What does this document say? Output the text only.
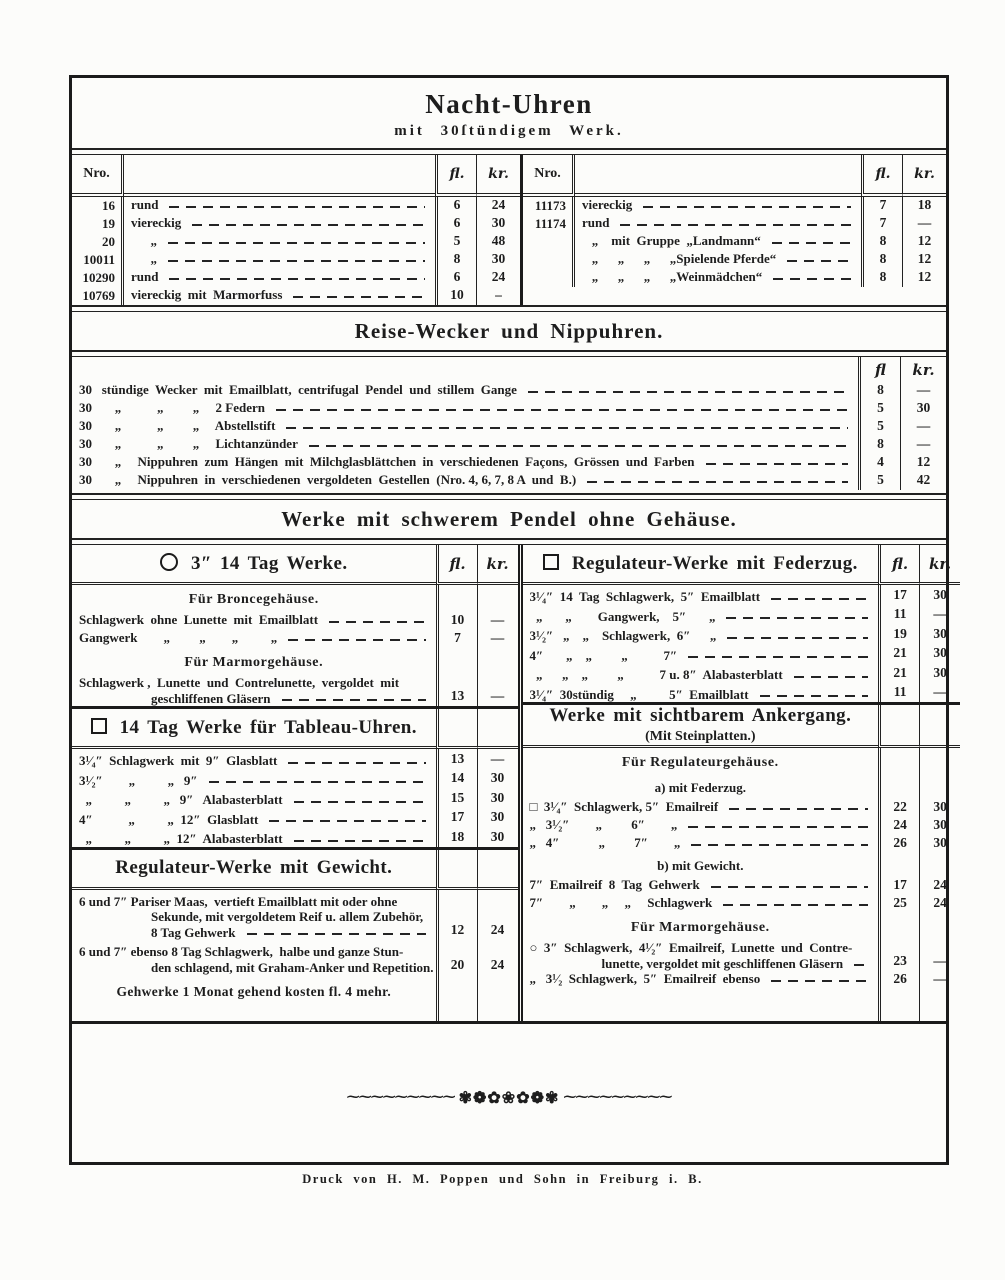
Nacht-Uhren
mit 30ſtündigem Werk.
Nro.	fl.	kr.
16	rund	6	24
19	viereckig	6	30
20	„	5	48
10011	„	8	30
10290	rund	6	24
10769	viereckig  mit  Marmorfuss	10	–
Nro.	fl.	kr.
11173	viereckig	7	18
11174	rund	7	—
„    mit  Gruppe  „Landmann“	8	12
„      „      „      „Spielende Pferde“	8	12
„      „      „      „Weinmädchen“	8	12
Reise-Wecker und Nippuhren.
fl	kr.
30   stündige  Wecker  mit  Emailblatt,  centrifugal  Pendel  und  stillem  Gange	8	—
30       „           „         „     2 Federn	5	30
30       „           „         „     Abstellstift	5	—
30       „           „         „     Lichtanzünder	8	—
30       „     Nippuhren  zum  Hängen  mit  Milchglasblättchen  in  verschiedenen  Façons,  Grössen  und  Farben	4	12
30       „     Nippuhren  in  verschiedenen  vergoldeten  Gestellen  (Nro. 4, 6, 7, 8 A  und  B.)	5	42
Werke mit schwerem Pendel ohne Gehäuse.
3″ 14 Tag Werke.	fl.	kr.
Für Broncegehäuse.
Schlagwerk  ohne  Lunette  mit  Emailblatt	10	—
Gangwerk        „         „        „          „	7	—
Für Marmorgehäuse.
Schlagwerk ,  Lunette  und  Contrelunette,  vergoldet  mit
geschliffenen Gläsern	13	—
14 Tag Werke für Tableau-Uhren.
3¹⁄₄″  Schlagwerk  mit  9″  Glasblatt	13	—
3¹⁄₂″        „          „   9″	14	30
„          „          „   9″   Alabasterblatt	15	30
4″           „          „  12″  Glasblatt	17	30
„          „          „  12″  Alabasterblatt	18	30
Regulateur-Werke mit Gewicht.
6 und 7″ Pariser Maas,  vertieft Emailblatt mit oder ohne
Sekunde, mit vergoldetem Reif u. allem Zubehör,
8 Tag Gehwerk	12	24
6 und 7″ ebenso 8 Tag Schlagwerk,  halbe und ganze Stun-
den schlagend, mit Graham-Anker und Repetition.	20	24
Gehwerke 1 Monat gehend kosten fl. 4 mehr.
Regulateur-Werke mit Federzug.	fl.	kr.
3¹⁄₄″  14  Tag  Schlagwerk,  5″  Emailblatt	17	30
„       „        Gangwerk,    5″       „	11	—
3¹⁄₂″   „    „    Schlagwerk,  6″      „	19	30
4″       „    „         „           7″	21	30
„      „    „         „           7 u. 8″  Alabasterblatt	21	30
3¹⁄₄″  30stündig     „          5″  Emailblatt	11	—
Werke mit sichtbarem Ankergang.
(Mit Steinplatten.)
Für Regulateurgehäuse.
a) mit Federzug.
□  3¹⁄₄″  Schlagwerk, 5″  Emailreif	22	30
„   3¹⁄₂″        „         6″        „	24	30
„   4″            „         7″        „	26	30
b) mit Gewicht.
7″  Emailreif  8  Tag  Gehwerk	17	24
7″        „        „     „     Schlagwerk	25	24
Für Marmorgehäuse.
○  3″  Schlagwerk,  4¹⁄₂″  Emailreif,  Lunette  und  Contre-
lunette, vergoldet mit geschliffenen Gläsern	23	—
„   3¹⁄₂  Schlagwerk,  5″  Emailreif  ebenso	26	—
⁓⁓⁓⁓⁓⁓⁓⁓⁓ ✾❁✿❀✿❁✾ ⁓⁓⁓⁓⁓⁓⁓⁓⁓
Druck von H. M. Poppen und Sohn in Freiburg i. B.
